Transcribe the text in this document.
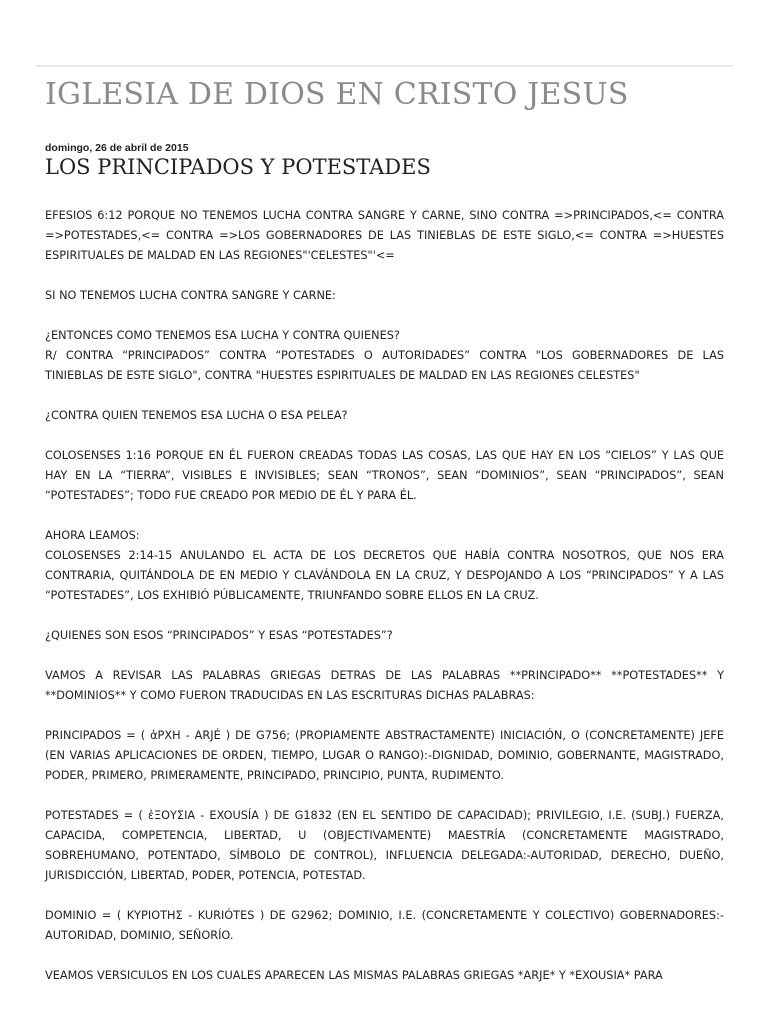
IGLESIA DE DIOS EN CRISTO JESUS
domingo, 26 de abril de 2015
LOS PRINCIPADOS Y POTESTADES

EFESIOS 6:12 PORQUE NO TENEMOS LUCHA CONTRA SANGRE Y CARNE, SINO CONTRA =>PRINCIPADOS,<= CONTRA =>POTESTADES,<= CONTRA =>LOS GOBERNADORES DE LAS TINIEBLAS DE ESTE SIGLO,<= CONTRA =>HUESTES ESPIRITUALES DE MALDAD EN LAS REGIONES"'CELESTES"'<=

SI NO TENEMOS LUCHA CONTRA SANGRE Y CARNE:

¿ENTONCES COMO TENEMOS ESA LUCHA Y CONTRA QUIENES?
R/ CONTRA “PRINCIPADOS” CONTRA “POTESTADES O AUTORIDADES” CONTRA "LOS GOBERNADORES DE LAS TINIEBLAS DE ESTE SIGLO", CONTRA "HUESTES ESPIRITUALES DE MALDAD EN LAS REGIONES CELESTES"

¿CONTRA QUIEN TENEMOS ESA LUCHA O ESA PELEA?

COLOSENSES 1:16 PORQUE EN ÉL FUERON CREADAS TODAS LAS COSAS, LAS QUE HAY EN LOS “CIELOS” Y LAS QUE HAY EN LA “TIERRA”, VISIBLES E INVISIBLES; SEAN “TRONOS”, SEAN “DOMINIOS”, SEAN “PRINCIPADOS”, SEAN “POTESTADES”; TODO FUE CREADO POR MEDIO DE ÉL Y PARA ÉL.

AHORA LEAMOS:
COLOSENSES 2:14-15 ANULANDO EL ACTA DE LOS DECRETOS QUE HABÍA CONTRA NOSOTROS, QUE NOS ERA CONTRARIA, QUITÁNDOLA DE EN MEDIO Y CLAVÁNDOLA EN LA CRUZ, Y DESPOJANDO A LOS “PRINCIPADOS” Y A LAS “POTESTADES”, LOS EXHIBIÓ PÚBLICAMENTE, TRIUNFANDO SOBRE ELLOS EN LA CRUZ.

¿QUIENES SON ESOS “PRINCIPADOS” Y ESAS “POTESTADES”?

VAMOS A REVISAR LAS PALABRAS GRIEGAS DETRAS DE LAS PALABRAS **PRINCIPADO** **POTESTADES** Y **DOMINIOS** Y COMO FUERON TRADUCIDAS EN LAS ESCRITURAS DICHAS PALABRAS:

PRINCIPADOS = ( ἀΡΧΗ - ARJÉ ) DE G756; (PROPIAMENTE ABSTRACTAMENTE) INICIACIÓN, O (CONCRETAMENTE) JEFE (EN VARIAS APLICACIONES DE ORDEN, TIEMPO, LUGAR O RANGO):-DIGNIDAD, DOMINIO, GOBERNANTE, MAGISTRADO, PODER, PRIMERO, PRIMERAMENTE, PRINCIPADO, PRINCIPIO, PUNTA, RUDIMENTO.

POTESTADES = ( ἐΞΟΥΣΙΑ - EXOUSÍA ) DE G1832 (EN EL SENTIDO DE CAPACIDAD); PRIVILEGIO, I.E. (SUBJ.) FUERZA, CAPACIDA, COMPETENCIA, LIBERTAD, U (OBJECTIVAMENTE) MAESTRÍA (CONCRETAMENTE MAGISTRADO, SOBREHUMANO, POTENTADO, SÍMBOLO DE CONTROL), INFLUENCIA DELEGADA:-AUTORIDAD, DERECHO, DUEÑO, JURISDICCIÓN, LIBERTAD, PODER, POTENCIA, POTESTAD.

DOMINIO = ( ΚΥΡΙΟΤΗΣ - KURIÓTES ) DE G2962; DOMINIO, I.E. (CONCRETAMENTE Y COLECTIVO) GOBERNADORES:-AUTORIDAD, DOMINIO, SEÑORÍO.

VEAMOS VERSICULOS EN LOS CUALES APARECEN LAS MISMAS PALABRAS GRIEGAS *ARJE* Y *EXOUSIA* PARA
